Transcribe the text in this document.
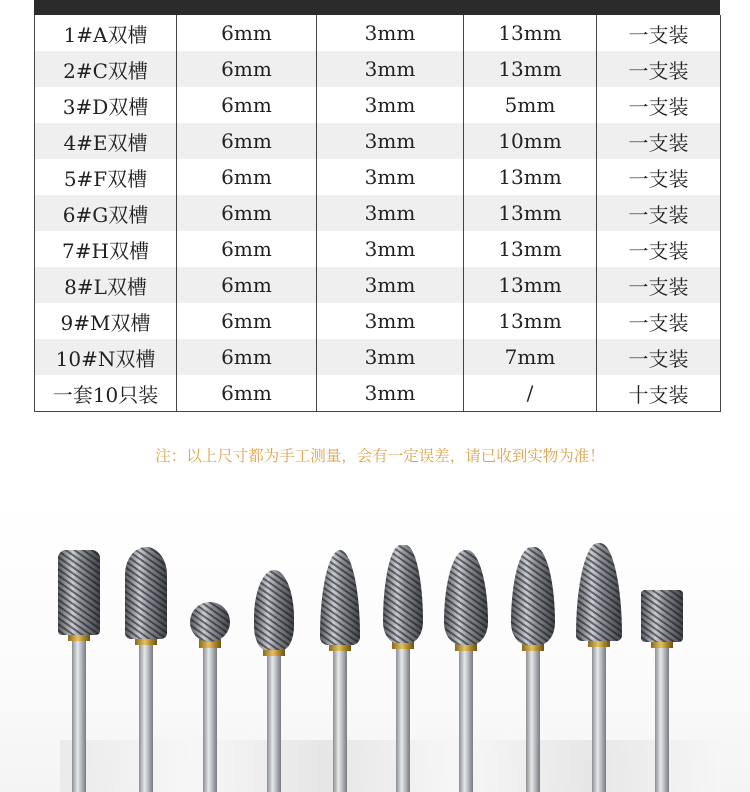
1#A双槽	6mm	3mm	13mm	一支装
2#C双槽	6mm	3mm	13mm	一支装
3#D双槽	6mm	3mm	5mm	一支装
4#E双槽	6mm	3mm	10mm	一支装
5#F双槽	6mm	3mm	13mm	一支装
6#G双槽	6mm	3mm	13mm	一支装
7#H双槽	6mm	3mm	13mm	一支装
8#L双槽	6mm	3mm	13mm	一支装
9#M双槽	6mm	3mm	13mm	一支装
10#N双槽	6mm	3mm	7mm	一支装
一套10只装	6mm	3mm	/	十支装
注：以上尺寸都为手工测量，会有一定误差，请已收到实物为准！
